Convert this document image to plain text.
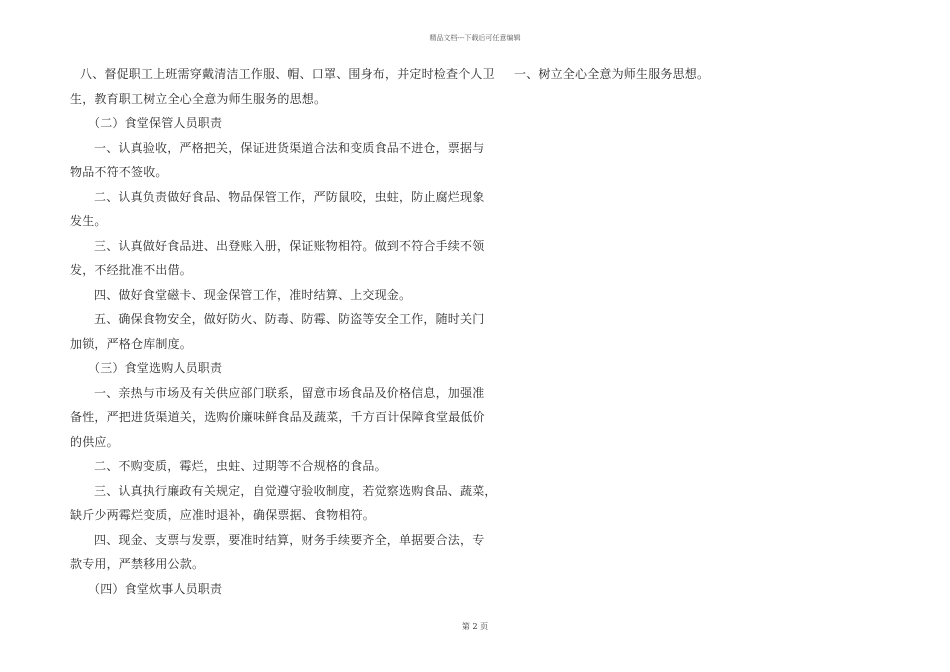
精品文档---下载后可任意编辑
八、督促职工上班需穿戴清洁工作服、帽、口罩、围身布，并定时检查个人卫
生，教育职工树立全心全意为师生服务的思想。
（二）食堂保管人员职责
一、认真验收，严格把关，保证进货渠道合法和变质食品不进仓，票据与
物品不符不签收。
二、认真负责做好食品、物品保管工作，严防鼠咬，虫蛀，防止腐烂现象
发生。
三、认真做好食品进、出登账入册，保证账物相符。做到不符合手续不领
发，不经批准不出借。
四、做好食堂磁卡、现金保管工作，准时结算、上交现金。
五、确保食物安全，做好防火、防毒、防霉、防盗等安全工作，随时关门
加锁，严格仓库制度。
（三）食堂选购人员职责
一、亲热与市场及有关供应部门联系，留意市场食品及价格信息，加强准
备性，严把进货渠道关，选购价廉味鲜食品及蔬菜，千方百计保障食堂最低价
的供应。
二、不购变质，霉烂，虫蛀、过期等不合规格的食品。
三、认真执行廉政有关规定，自觉遵守验收制度，若觉察选购食品、蔬菜，
缺斤少两霉烂变质，应准时退补，确保票据、食物相符。
四、现金、支票与发票，要准时结算，财务手续要齐全，单据要合法，专
款专用，严禁移用公款。
（四）食堂炊事人员职责
一、树立全心全意为师生服务思想。
第 2 页
